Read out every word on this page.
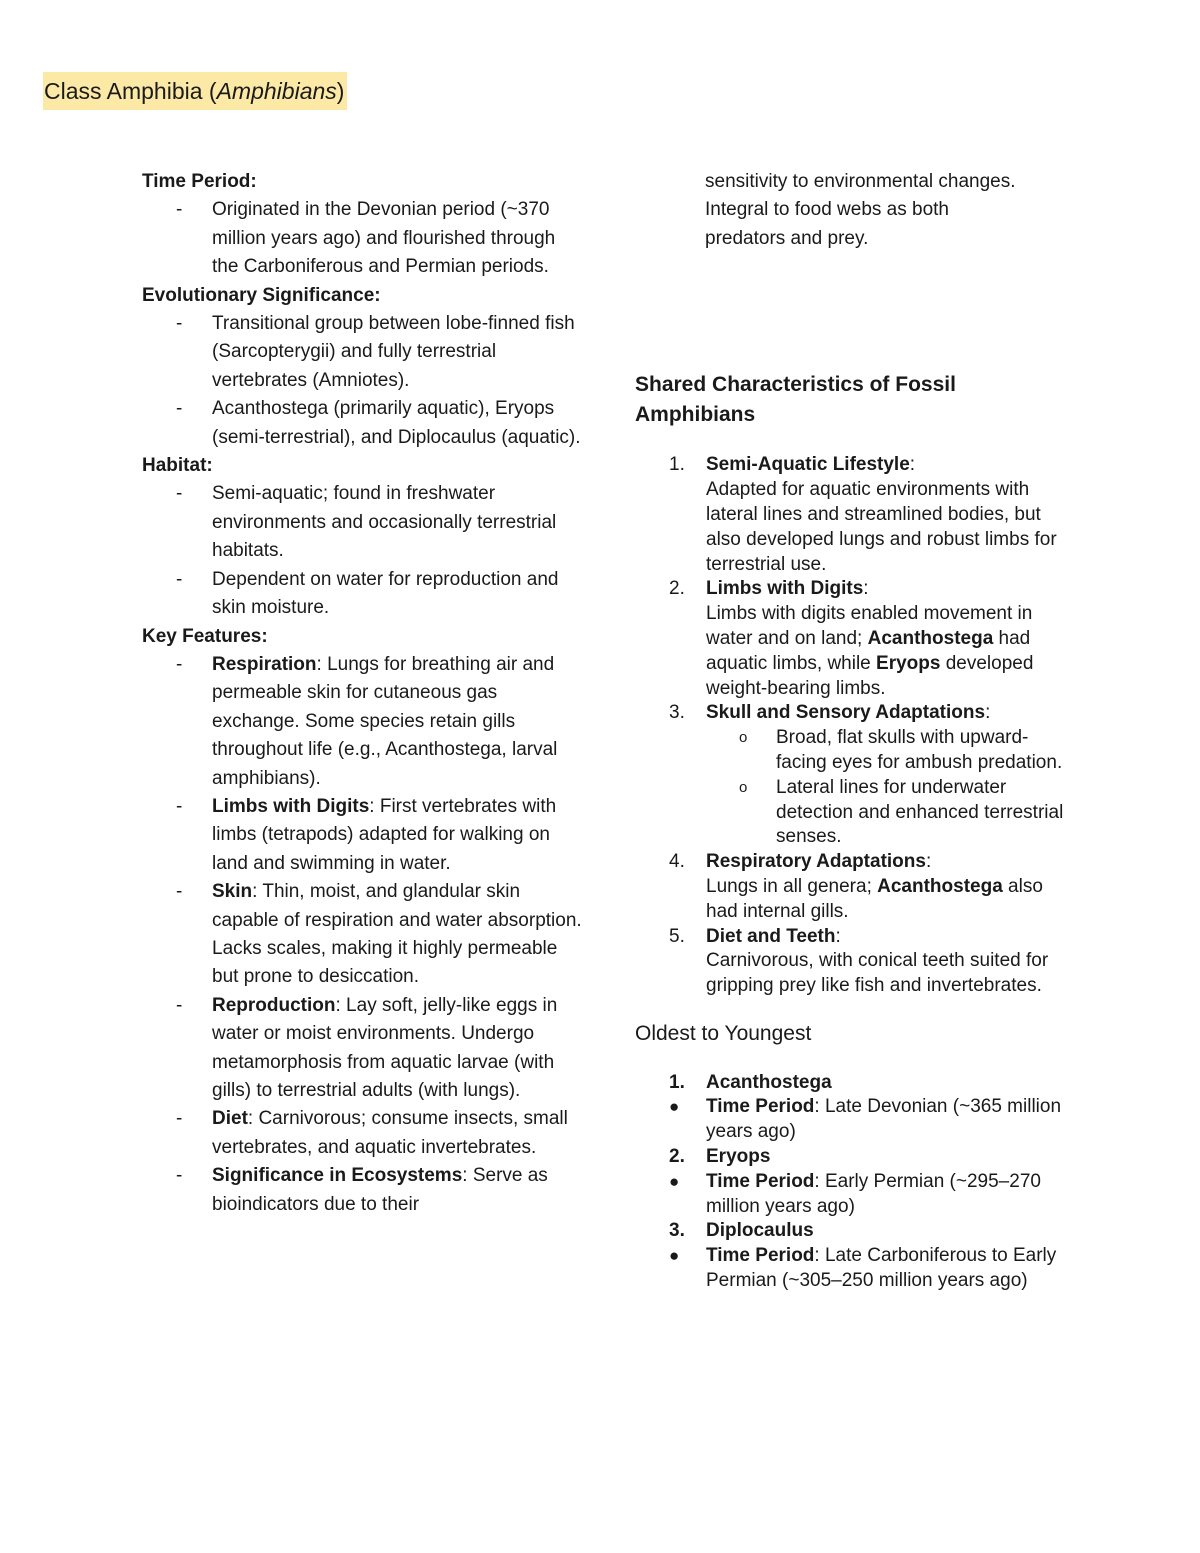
Class Amphibia (Amphibians)
Time Period:
- Originated in the Devonian period (~370 million years ago) and flourished through the Carboniferous and Permian periods.
Evolutionary Significance:
- Transitional group between lobe-finned fish (Sarcopterygii) and fully terrestrial vertebrates (Amniotes).
- Acanthostega (primarily aquatic), Eryops (semi-terrestrial), and Diplocaulus (aquatic).
Habitat:
- Semi-aquatic; found in freshwater environments and occasionally terrestrial habitats.
- Dependent on water for reproduction and skin moisture.
Key Features:
- Respiration: Lungs for breathing air and permeable skin for cutaneous gas exchange. Some species retain gills throughout life (e.g., Acanthostega, larval amphibians).
- Limbs with Digits: First vertebrates with limbs (tetrapods) adapted for walking on land and swimming in water.
- Skin: Thin, moist, and glandular skin capable of respiration and water absorption. Lacks scales, making it highly permeable but prone to desiccation.
- Reproduction: Lay soft, jelly-like eggs in water or moist environments. Undergo metamorphosis from aquatic larvae (with gills) to terrestrial adults (with lungs).
- Diet: Carnivorous; consume insects, small vertebrates, and aquatic invertebrates.
- Significance in Ecosystems: Serve as bioindicators due to their
sensitivity to environmental changes.
Integral to food webs as both
predators and prey.
Shared Characteristics of Fossil
Amphibians
1. Semi-Aquatic Lifestyle:
Adapted for aquatic environments with lateral lines and streamlined bodies, but also developed lungs and robust limbs for terrestrial use.
2. Limbs with Digits:
Limbs with digits enabled movement in water and on land; Acanthostega had aquatic limbs, while Eryops developed weight-bearing limbs.
3. Skull and Sensory Adaptations:
o Broad, flat skulls with upward-facing eyes for ambush predation.
o Lateral lines for underwater detection and enhanced terrestrial senses.
4. Respiratory Adaptations:
Lungs in all genera; Acanthostega also had internal gills.
5. Diet and Teeth:
Carnivorous, with conical teeth suited for gripping prey like fish and invertebrates.
Oldest to Youngest
1. Acanthostega
● Time Period: Late Devonian (~365 million years ago)
2. Eryops
● Time Period: Early Permian (~295–270 million years ago)
3. Diplocaulus
● Time Period: Late Carboniferous to Early Permian (~305–250 million years ago)
